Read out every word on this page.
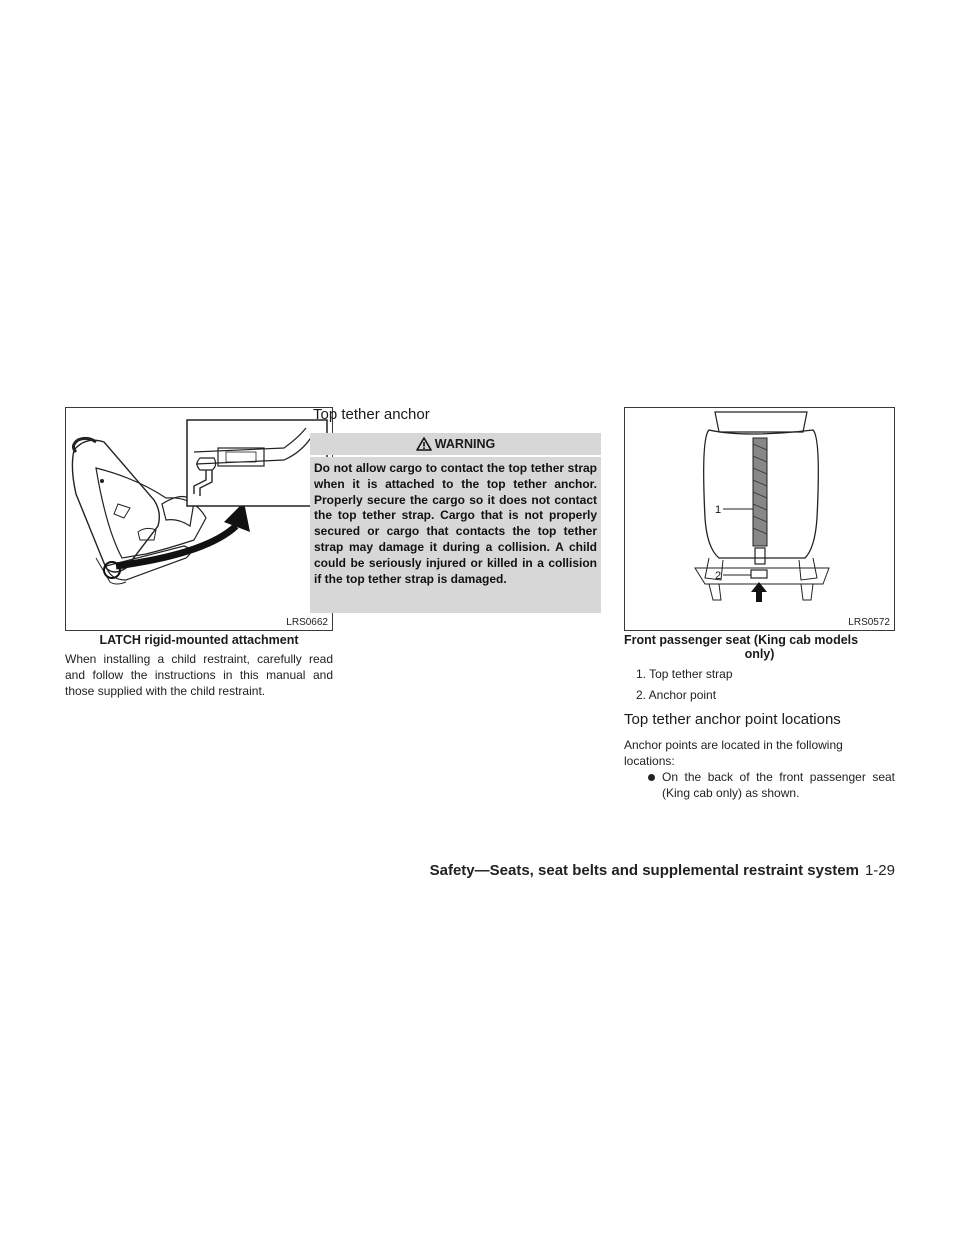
LRS0662
LATCH rigid-mounted attachment
When installing a child restraint, carefully read and follow the instructions in this manual and those supplied with the child restraint.
Top tether anchor
WARNING
Do not allow cargo to contact the top tether strap when it is attached to the top tether anchor. Properly secure the cargo so it does not contact the top tether strap. Cargo that is not properly secured or cargo that contacts the top tether strap may damage it during a collision. A child could be seriously injured or killed in a collision if the top tether strap is damaged.
1
2
LRS0572
Front passenger seat (King cab models
only)
1. Top tether strap
2. Anchor point
Top tether anchor point locations
Anchor points are located in the following locations:
On the back of the front passenger seat (King cab only) as shown.
Safety—Seats, seat belts and supplemental restraint system 1-29
